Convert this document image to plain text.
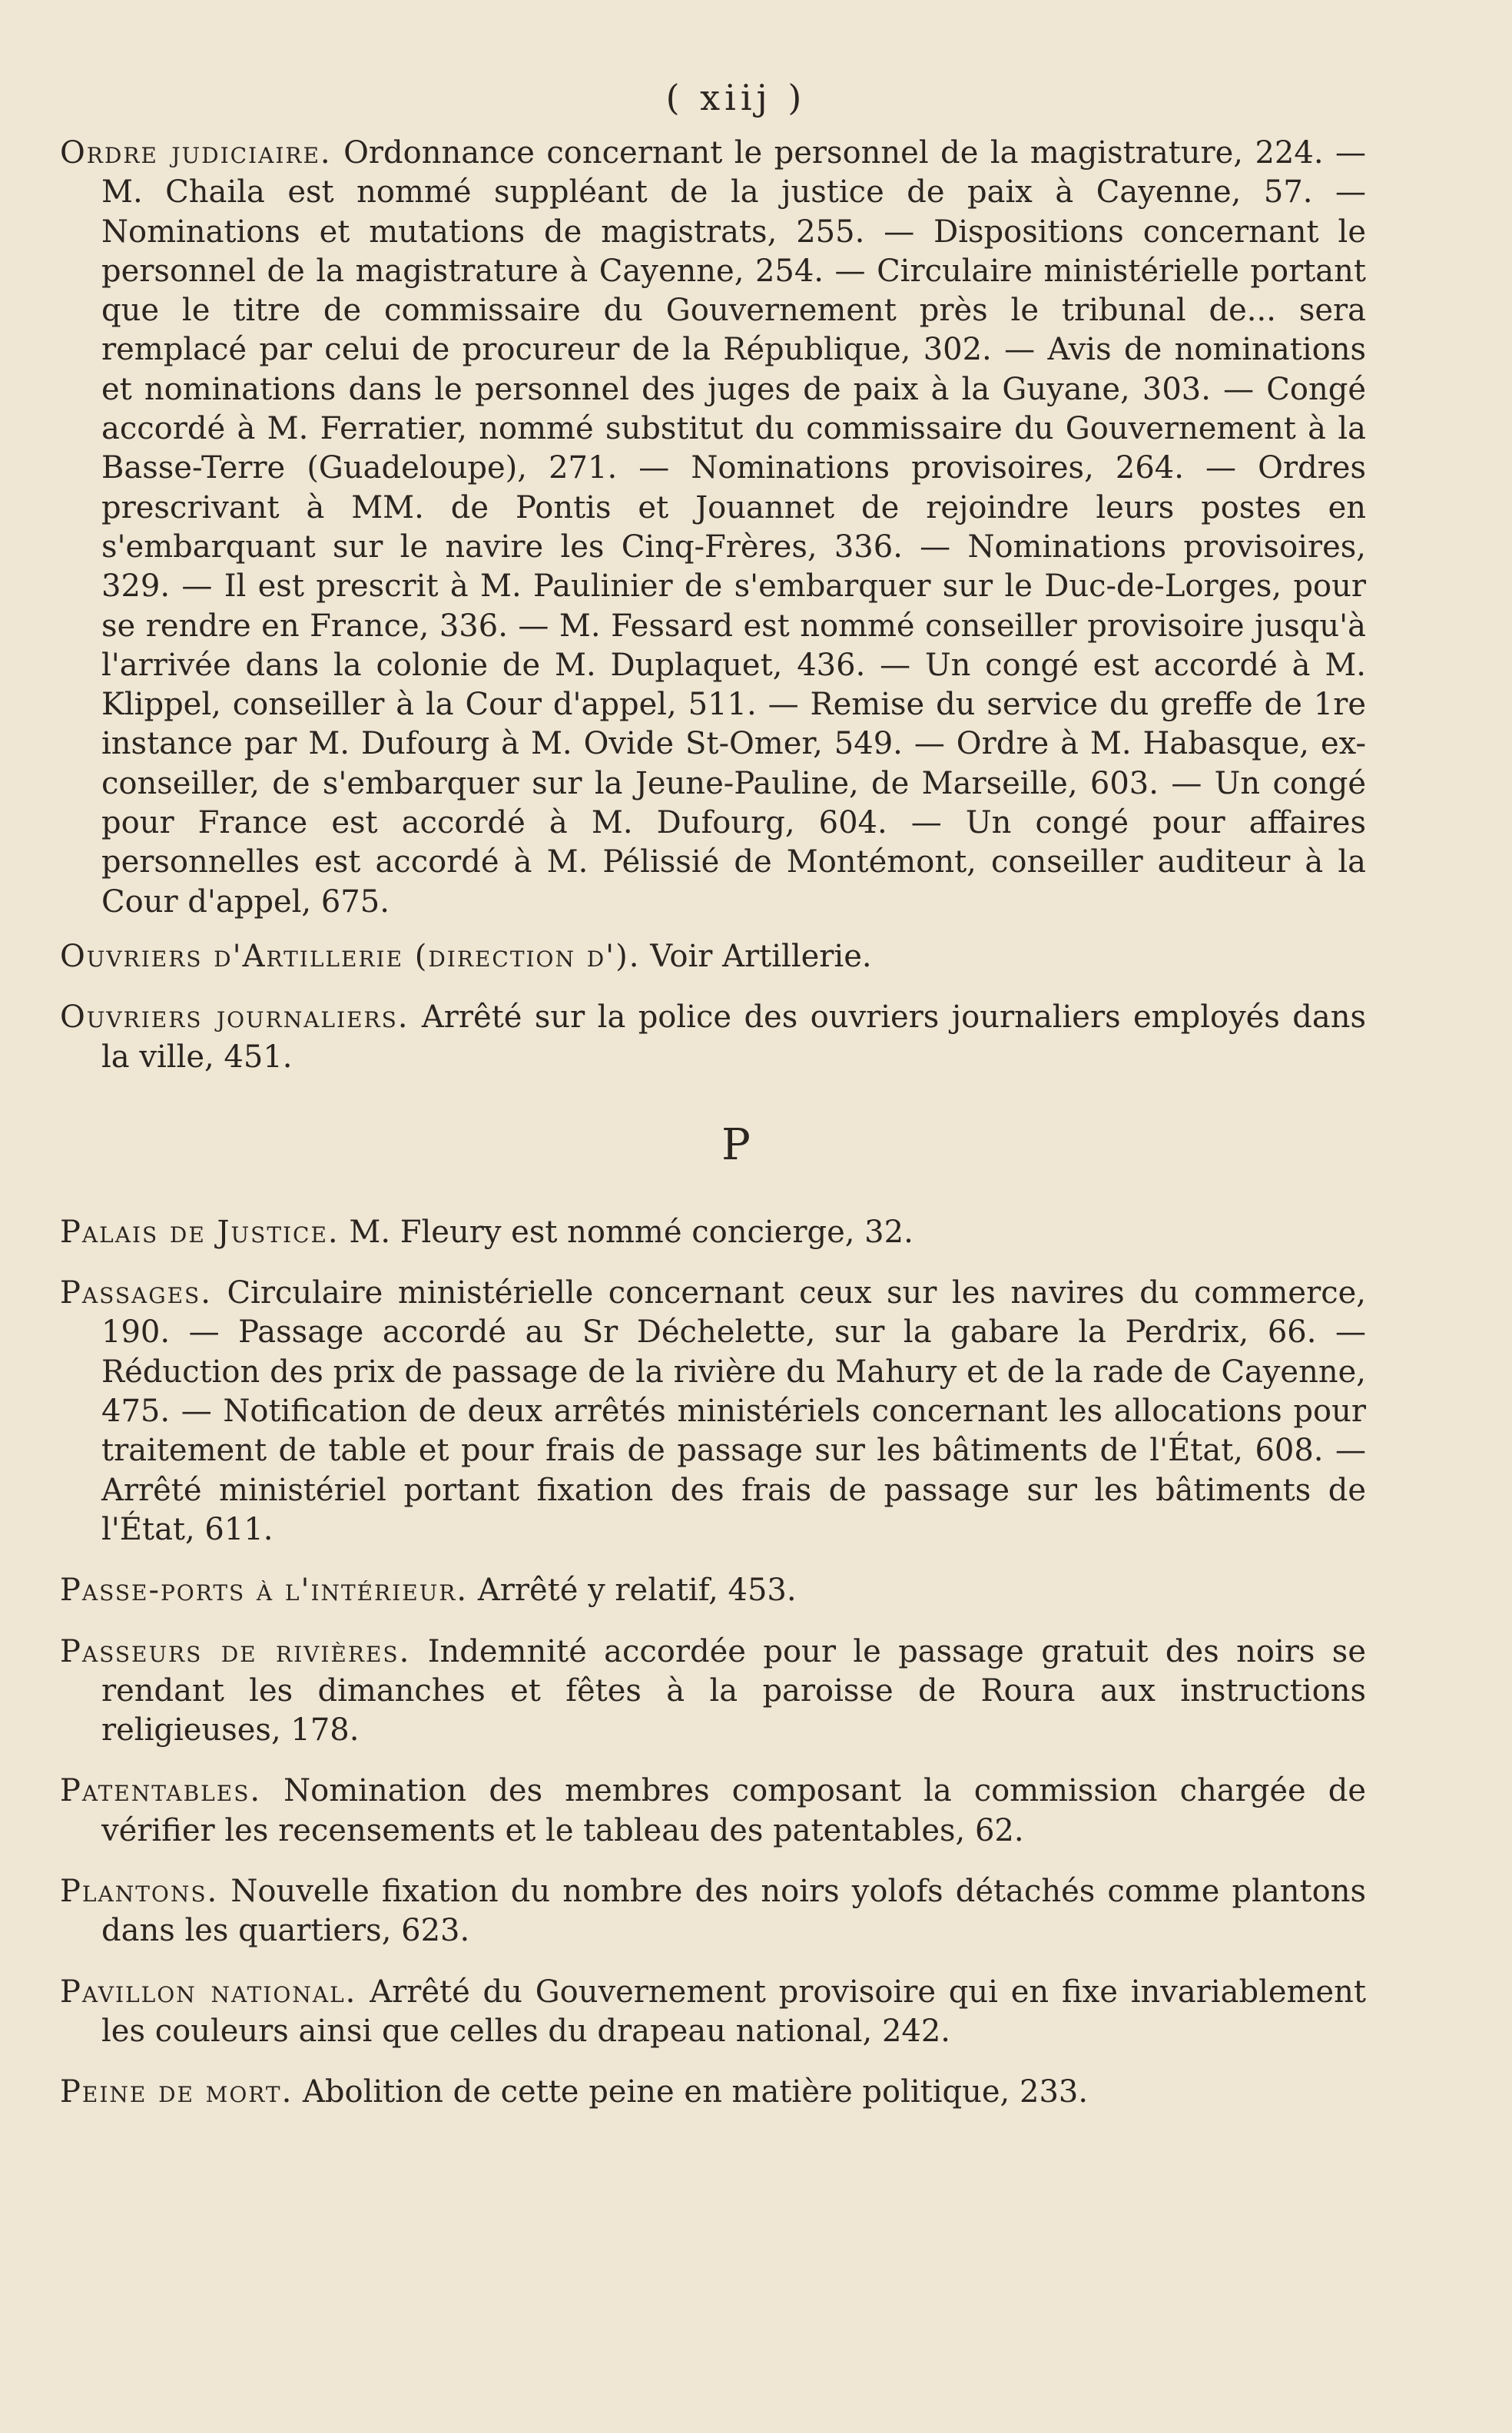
( xiij )

Ordre judiciaire. Ordonnance concernant le personnel de la magistrature, 224. — M. Chaila est nommé suppléant de la justice de paix à Cayenne, 57. — Nominations et mutations de magistrats, 255. — Dispositions concernant le personnel de la magistrature à Cayenne, 254. — Circulaire ministérielle portant que le titre de commissaire du Gouvernement près le tribunal de... sera remplacé par celui de procureur de la République, 302. — Avis de nominations et nominations dans le personnel des juges de paix à la Guyane, 303. — Congé accordé à M. Ferratier, nommé substitut du commissaire du Gouvernement à la Basse-Terre (Guadeloupe), 271. — Nominations provisoires, 264. — Ordres prescrivant à MM. de Pontis et Jouannet de rejoindre leurs postes en s'embarquant sur le navire les Cinq-Frères, 336. — Nominations provisoires, 329. — Il est prescrit à M. Paulinier de s'embarquer sur le Duc-de-Lorges, pour se rendre en France, 336. — M. Fessard est nommé conseiller provisoire jusqu'à l'arrivée dans la colonie de M. Duplaquet, 436. — Un congé est accordé à M. Klippel, conseiller à la Cour d'appel, 511. — Remise du service du greffe de 1re instance par M. Dufourg à M. Ovide St-Omer, 549. — Ordre à M. Habasque, ex-conseiller, de s'embarquer sur la Jeune-Pauline, de Marseille, 603. — Un congé pour France est accordé à M. Dufourg, 604. — Un congé pour affaires personnelles est accordé à M. Pélissié de Montémont, conseiller auditeur à la Cour d'appel, 675.

Ouvriers d'Artillerie (direction d'). Voir Artillerie.

Ouvriers journaliers. Arrêté sur la police des ouvriers journaliers employés dans la ville, 451.

P

Palais de Justice. M. Fleury est nommé concierge, 32.

Passages. Circulaire ministérielle concernant ceux sur les navires du commerce, 190. — Passage accordé au Sr Déchelette, sur la gabare la Perdrix, 66. — Réduction des prix de passage de la rivière du Mahury et de la rade de Cayenne, 475. — Notification de deux arrêtés ministériels concernant les allocations pour traitement de table et pour frais de passage sur les bâtiments de l'État, 608. — Arrêté ministériel portant fixation des frais de passage sur les bâtiments de l'État, 611.

Passe-ports à l'intérieur. Arrêté y relatif, 453.

Passeurs de rivières. Indemnité accordée pour le passage gratuit des noirs se rendant les dimanches et fêtes à la paroisse de Roura aux instructions religieuses, 178.

Patentables. Nomination des membres composant la commission chargée de vérifier les recensements et le tableau des patentables, 62.

Plantons. Nouvelle fixation du nombre des noirs yolofs détachés comme plantons dans les quartiers, 623.

Pavillon national. Arrêté du Gouvernement provisoire qui en fixe invariablement les couleurs ainsi que celles du drapeau national, 242.

Peine de mort. Abolition de cette peine en matière politique, 233.
